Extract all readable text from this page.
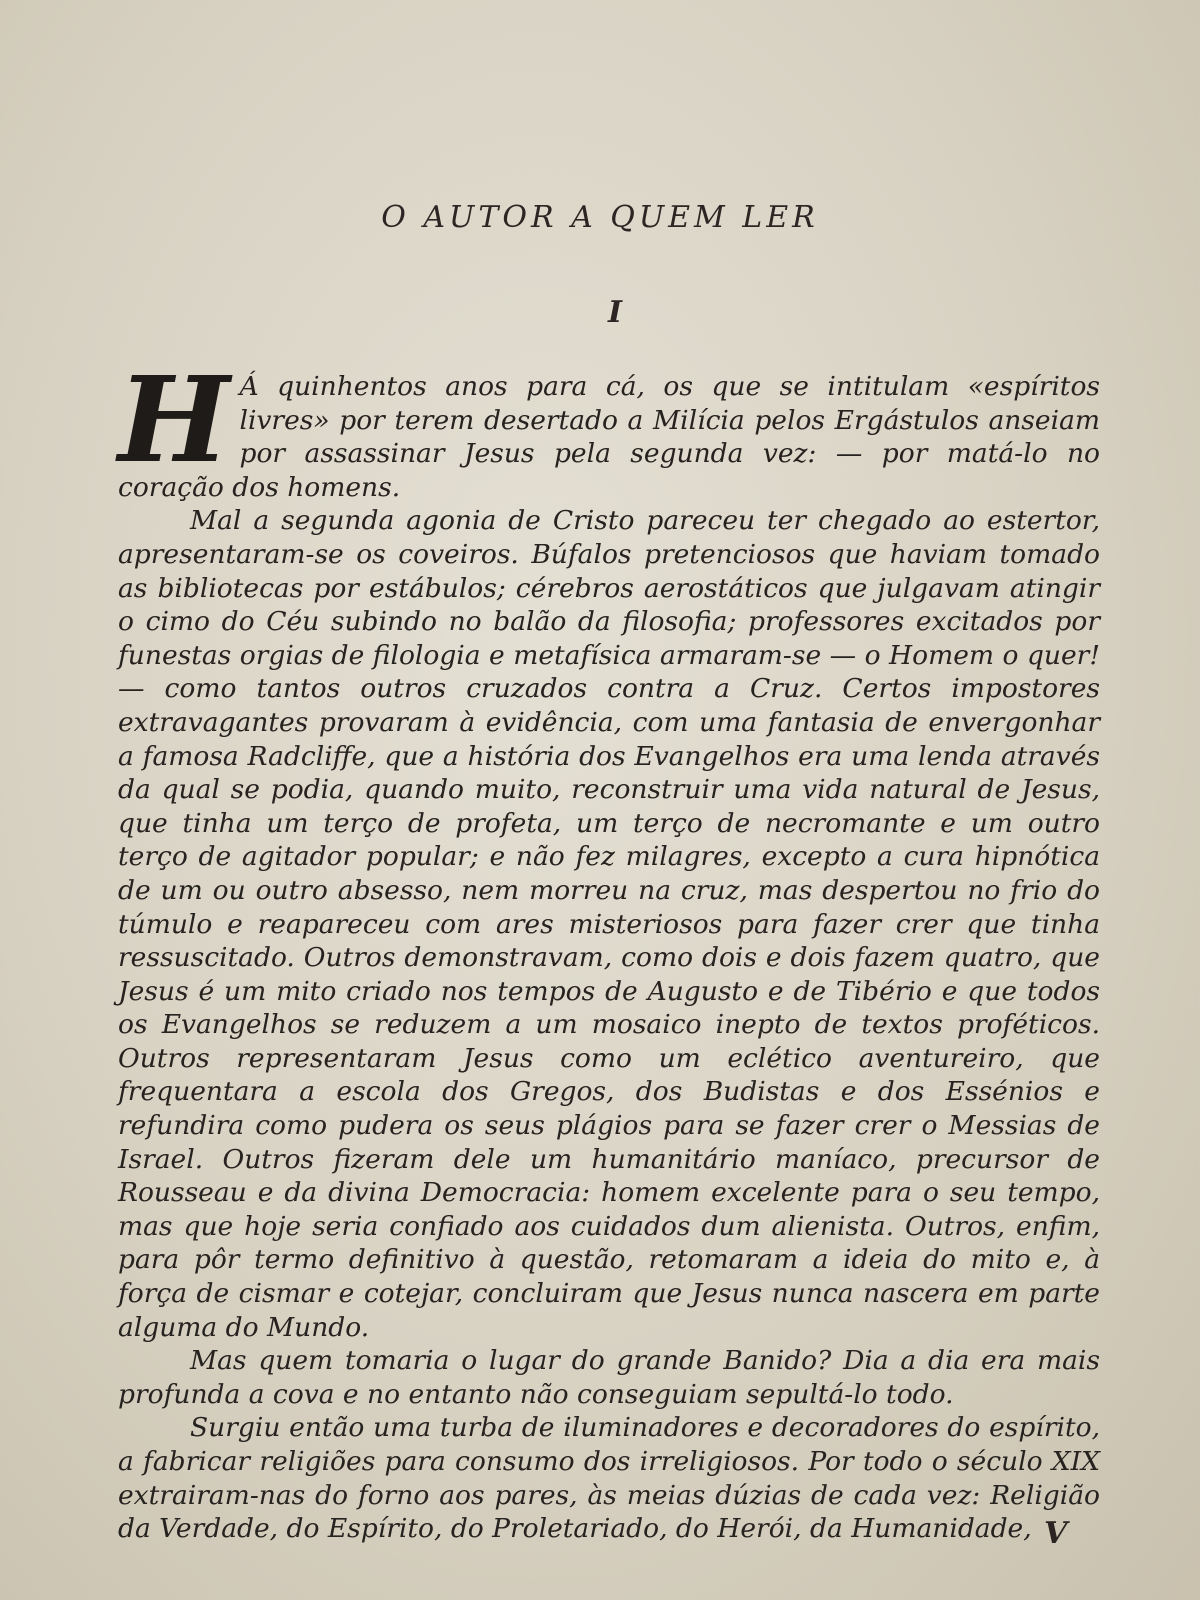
O AUTOR A QUEM LER
I

H Á quinhentos anos para cá, os que se intitulam «espíritos livres» por terem desertado a Milícia pelos Ergástulos anseiam por assassinar Jesus pela segunda vez: — por matá-lo no coração dos homens.

Mal a segunda agonia de Cristo pareceu ter chegado ao estertor, apresentaram-se os coveiros. Búfalos pretenciosos que haviam tomado as bibliotecas por estábulos; cérebros aerostáticos que julgavam atingir o cimo do Céu subindo no balão da filosofia; professores excitados por funestas orgias de filologia e metafísica armaram-se — o Homem o quer! — como tantos outros cruzados contra a Cruz. Certos impostores extravagantes provaram à evidência, com uma fantasia de envergonhar a famosa Radcliffe, que a história dos Evangelhos era uma lenda através da qual se podia, quando muito, reconstruir uma vida natural de Jesus, que tinha um terço de profeta, um terço de necromante e um outro terço de agitador popular; e não fez milagres, excepto a cura hipnótica de um ou outro absesso, nem morreu na cruz, mas despertou no frio do túmulo e reapareceu com ares misteriosos para fazer crer que tinha ressuscitado. Outros demonstravam, como dois e dois fazem quatro, que Jesus é um mito criado nos tempos de Augusto e de Tibério e que todos os Evangelhos se reduzem a um mosaico inepto de textos proféticos. Outros representaram Jesus como um eclético aventureiro, que frequentara a escola dos Gregos, dos Budistas e dos Essénios e refundira como pudera os seus plágios para se fazer crer o Messias de Israel. Outros fizeram dele um humanitário maníaco, precursor de Rousseau e da divina Democracia: homem excelente para o seu tempo, mas que hoje seria confiado aos cuidados dum alienista. Outros, enfim, para pôr termo definitivo à questão, retomaram a ideia do mito e, à força de cismar e cotejar, concluiram que Jesus nunca nascera em parte alguma do Mundo.

Mas quem tomaria o lugar do grande Banido? Dia a dia era mais profunda a cova e no entanto não conseguiam sepultá-lo todo.

Surgiu então uma turba de iluminadores e decoradores do espírito, a fabricar religiões para consumo dos irreligiosos. Por todo o século XIX extrairam-nas do forno aos pares, às meias dúzias de cada vez: Religião da Verdade, do Espírito, do Proletariado, do Herói, da Humanidade, V
